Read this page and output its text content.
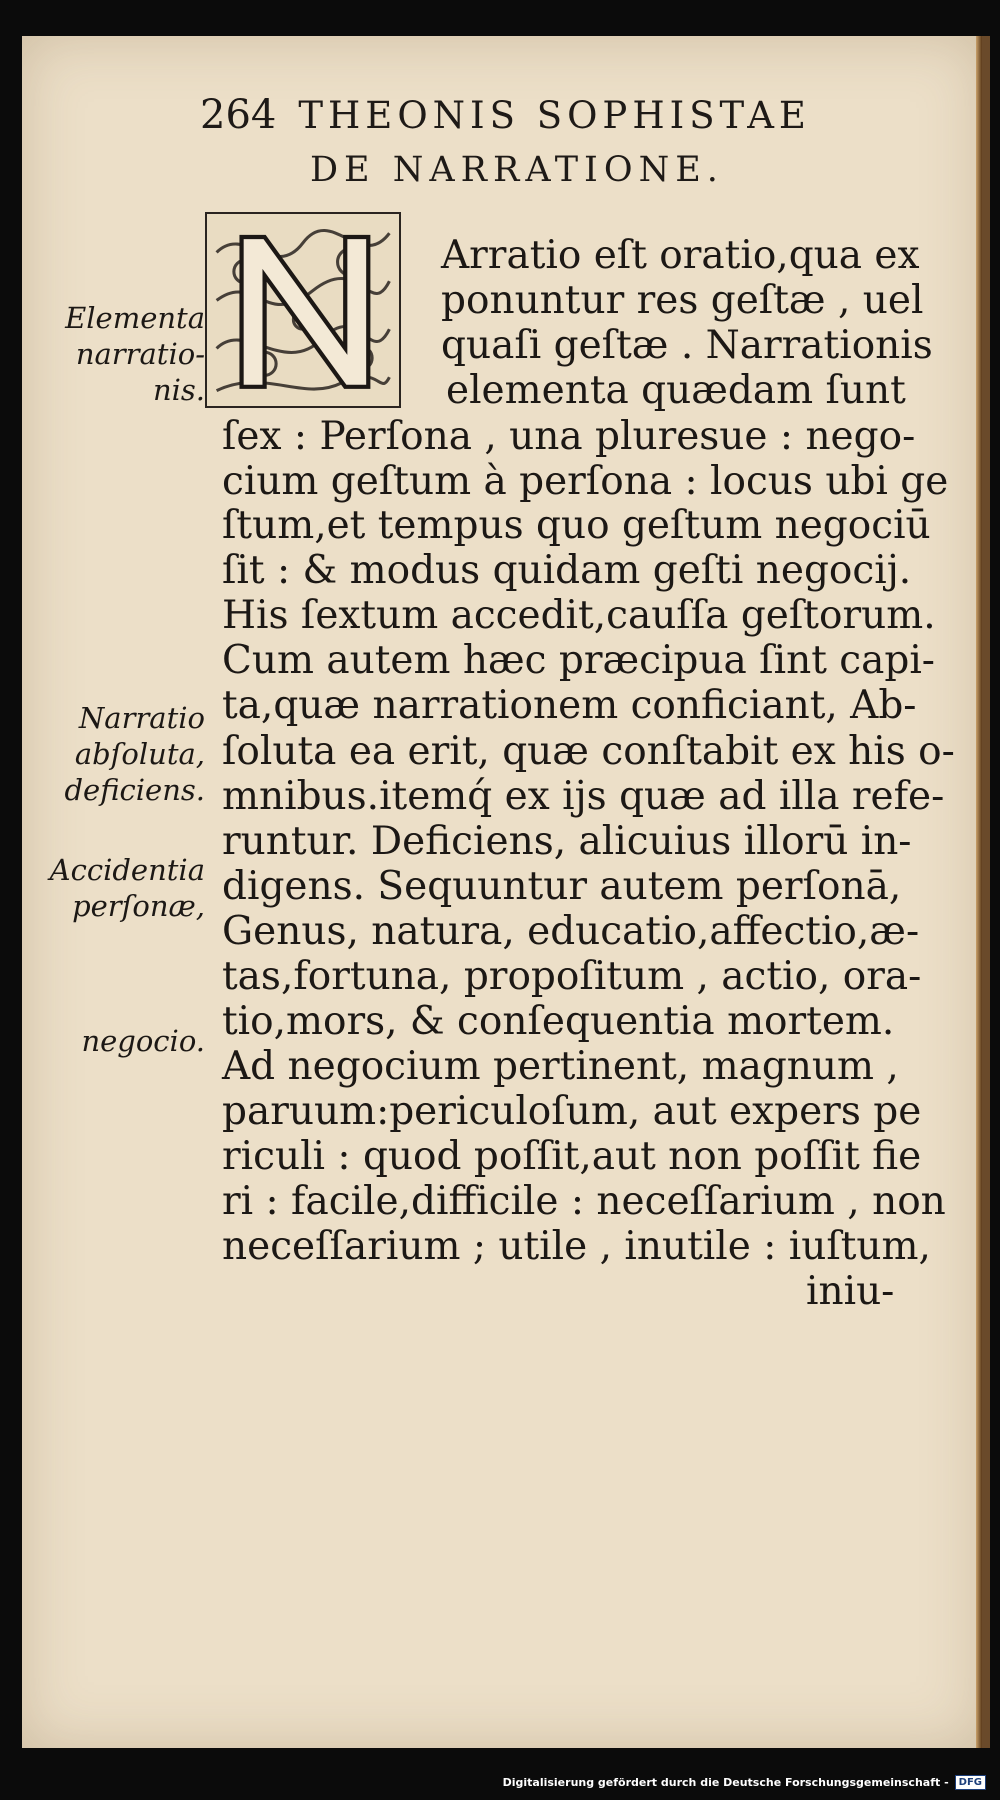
264 THEONIS SOPHISTAE
DE NARRATIONE.
Arratio eſt oratio,qua ex
ponuntur res geſtæ , uel
quaſi geſtæ . Narrationis
elementa quædam ſunt
ſex : Perſona , una pluresue : nego-
cium geſtum à perſona : locus ubi ge
ſtum,et tempus quo geſtum negociū
ſit : & modus quidam geſti negocij.
His ſextum accedit,cauſſa geſtorum.
Cum autem hæc præcipua ſint capi-
ta,quæ narrationem conficiant, Ab-
ſoluta ea erit, quæ conſtabit ex his o-
mnibus.itemq́ ex ijs quæ ad illa refe-
runtur. Deficiens, alicuius illorū in-
digens. Sequuntur autem perſonā,
Genus, natura, educatio,affectio,æ-
tas,fortuna, propoſitum , actio, ora-
tio,mors, & conſequentia mortem.
Ad negocium pertinent, magnum ,
paruum:periculoſum, aut expers pe
riculi : quod poſſit,aut non poſſit fie
ri : facile,difficile : neceſſarium , non
neceſſarium ; utile , inutile : iuſtum,
iniu-
Elementa
narratio-
nis.
Narratio
abſoluta,
deficiens.
Accidentia
perſonæ,
negocio.
Digitalisierung gefördert durch die Deutsche Forschungsgemeinschaft -	DFG
